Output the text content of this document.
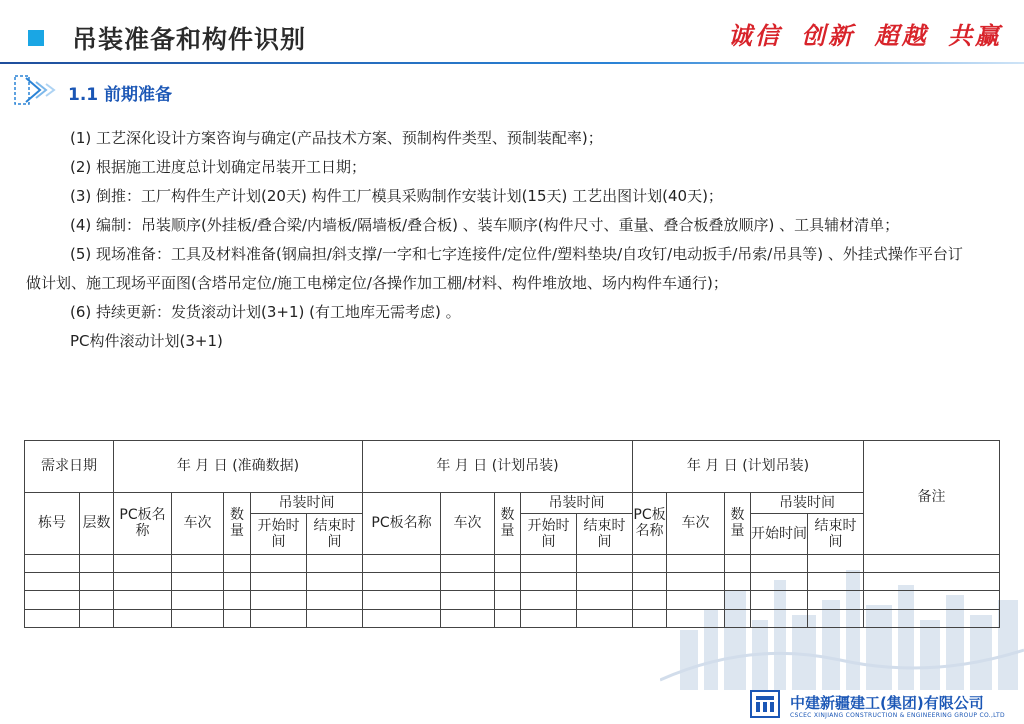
吊装准备和构件识别	诚信 创新 超越 共赢
1.1 前期准备

(1) 工艺深化设计方案咨询与确定(产品技术方案、预制构件类型、预制装配率)；

(2) 根据施工进度总计划确定吊装开工日期；

(3) 倒推：工厂构件生产计划(20天) 构件工厂模具采购制作安装计划(15天) 工艺出图计划(40天)；

(4) 编制：吊装顺序(外挂板/叠合梁/内墙板/隔墙板/叠合板) 、装车顺序(构件尺寸、重量、叠合板叠放顺序) 、工具辅材清单；

(5) 现场准备：工具及材料准备(钢扁担/斜支撑/一字和七字连接件/定位件/塑料垫块/自攻钉/电动扳手/吊索/吊具等) 、外挂式操作平台订做计划、施工现场平面图(含塔吊定位/施工电梯定位/各操作加工棚/材料、构件堆放地、场内构件车通行)；

(6) 持续更新：发货滚动计划(3+1) (有工地库无需考虑) 。

PC构件滚动计划(3+1)

需求日期		年 月 日 (准确数据)					年 月 日 (计划吊装)					年 月 日 (计划吊装)					备注
栋号	层数	PC板名称	车次	数量	吊装时间		PC板名称	车次	数量	吊装时间		PC板名称	车次	数量	吊装时间		
					开始时间	结束时间				开始时间	结束时间				开始时间	结束时间	

中建新疆建工(集团)有限公司
CSCEC XINJIANG CONSTRUCTION & ENGINEERING GROUP CO.,LTD
